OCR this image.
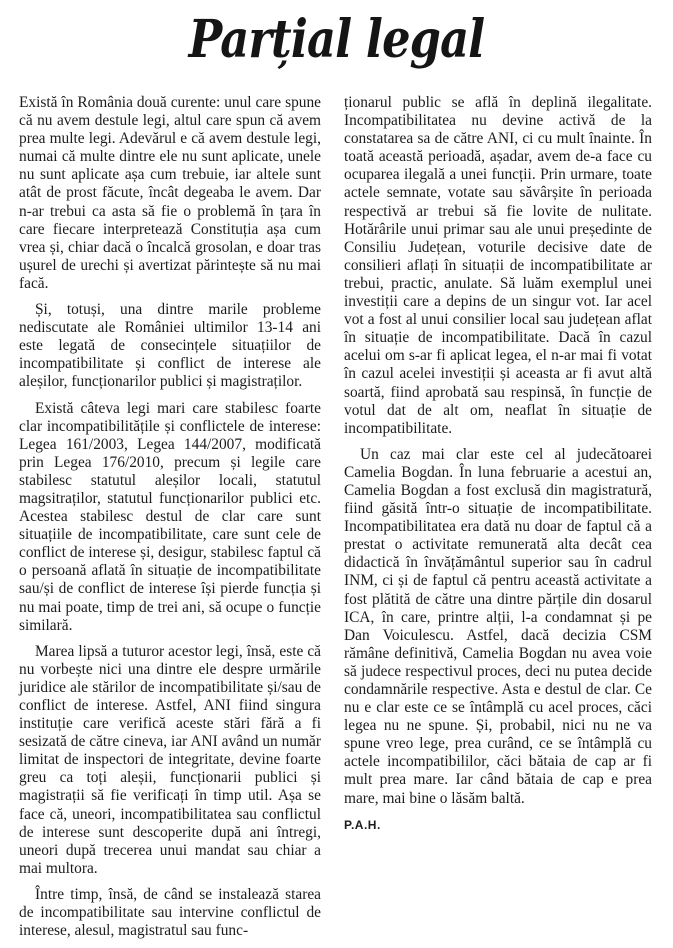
Parțial legal

Există în România două curente: unul care spune că nu avem destule legi, altul care spun că avem prea multe legi. Adevărul e că avem destule legi, numai că multe dintre ele nu sunt aplicate, unele nu sunt aplicate așa cum trebuie, iar altele sunt atât de prost făcute, încât degeaba le avem. Dar n-ar trebui ca asta să fie o problemă în țara în care fiecare interpretează Constituția așa cum vrea și, chiar dacă o încalcă grosolan, e doar tras ușurel de urechi și avertizat părintește să nu mai facă.

Și, totuși, una dintre marile probleme nediscutate ale României ultimilor 13-14 ani este legată de consecințele situațiilor de incompatibilitate și conflict de interese ale aleșilor, funcționarilor publici și magistraților.

Există câteva legi mari care stabilesc foarte clar incompatibilitățile și conflictele de interese: Legea 161/2003, Legea 144/2007, modificată prin Legea 176/2010, precum și legile care stabilesc statutul aleșilor locali, statutul magsitraților, statutul funcționarilor publici etc. Acestea stabilesc destul de clar care sunt situațiile de incompatibilitate, care sunt cele de conflict de interese și, desigur, stabilesc faptul că o persoană aflată în situație de incompatibilitate sau/și de conflict de interese își pierde funcția și nu mai poate, timp de trei ani, să ocupe o funcție similară.

Marea lipsă a tuturor acestor legi, însă, este că nu vorbește nici una dintre ele despre urmările juridice ale stărilor de incompatibilitate și/sau de conflict de interese. Astfel, ANI fiind singura instituție care verifică aceste stări fără a fi sesizată de către cineva, iar ANI având un număr limitat de inspectori de integritate, devine foarte greu ca toți aleșii, funcționarii publici și magistrații să fie verificați în timp util. Așa se face că, uneori, incompatibilitatea sau conflictul de interese sunt descoperite după ani întregi, uneori după trecerea unui mandat sau chiar a mai multora.

Între timp, însă, de când se instalează starea de incompatibilitate sau intervine conflictul de interese, alesul, magistratul sau func-

ționarul public se află în deplină ilegalitate. Incompatibilitatea nu devine activă de la constatarea sa de către ANI, ci cu mult înainte. În toată această perioadă, așadar, avem de-a face cu ocuparea ilegală a unei funcții. Prin urmare, toate actele semnate, votate sau săvârșite în perioada respectivă ar trebui să fie lovite de nulitate. Hotărârile unui primar sau ale unui președinte de Consiliu Județean, voturile decisive date de consilieri aflați în situații de incompatibilitate ar trebui, practic, anulate. Să luăm exemplul unei investiții care a depins de un singur vot. Iar acel vot a fost al unui consilier local sau județean aflat în situație de incompatibilitate. Dacă în cazul acelui om s-ar fi aplicat legea, el n-ar mai fi votat în cazul acelei investiții și aceasta ar fi avut altă soartă, fiind aprobată sau respinsă, în funcție de votul dat de alt om, neaflat în situație de incompatibilitate.

Un caz mai clar este cel al judecătoarei Camelia Bogdan. În luna februarie a acestui an, Camelia Bogdan a fost exclusă din magistratură, fiind găsită într-o situație de incompatibilitate. Incompatibilitatea era dată nu doar de faptul că a prestat o activitate remunerată alta decât cea didactică în învățământul superior sau în cadrul INM, ci și de faptul că pentru această activitate a fost plătită de către una dintre părțile din dosarul ICA, în care, printre alții, l-a condamnat și pe Dan Voiculescu. Astfel, dacă decizia CSM rămâne definitivă, Camelia Bogdan nu avea voie să judece respectivul proces, deci nu putea decide condamnările respective. Asta e destul de clar. Ce nu e clar este ce se întâmplă cu acel proces, căci legea nu ne spune. Și, probabil, nici nu ne va spune vreo lege, prea curând, ce se întâmplă cu actele incompatibililor, căci bătaia de cap ar fi mult prea mare. Iar când bătaia de cap e prea mare, mai bine o lăsăm baltă.

P.A.H.
